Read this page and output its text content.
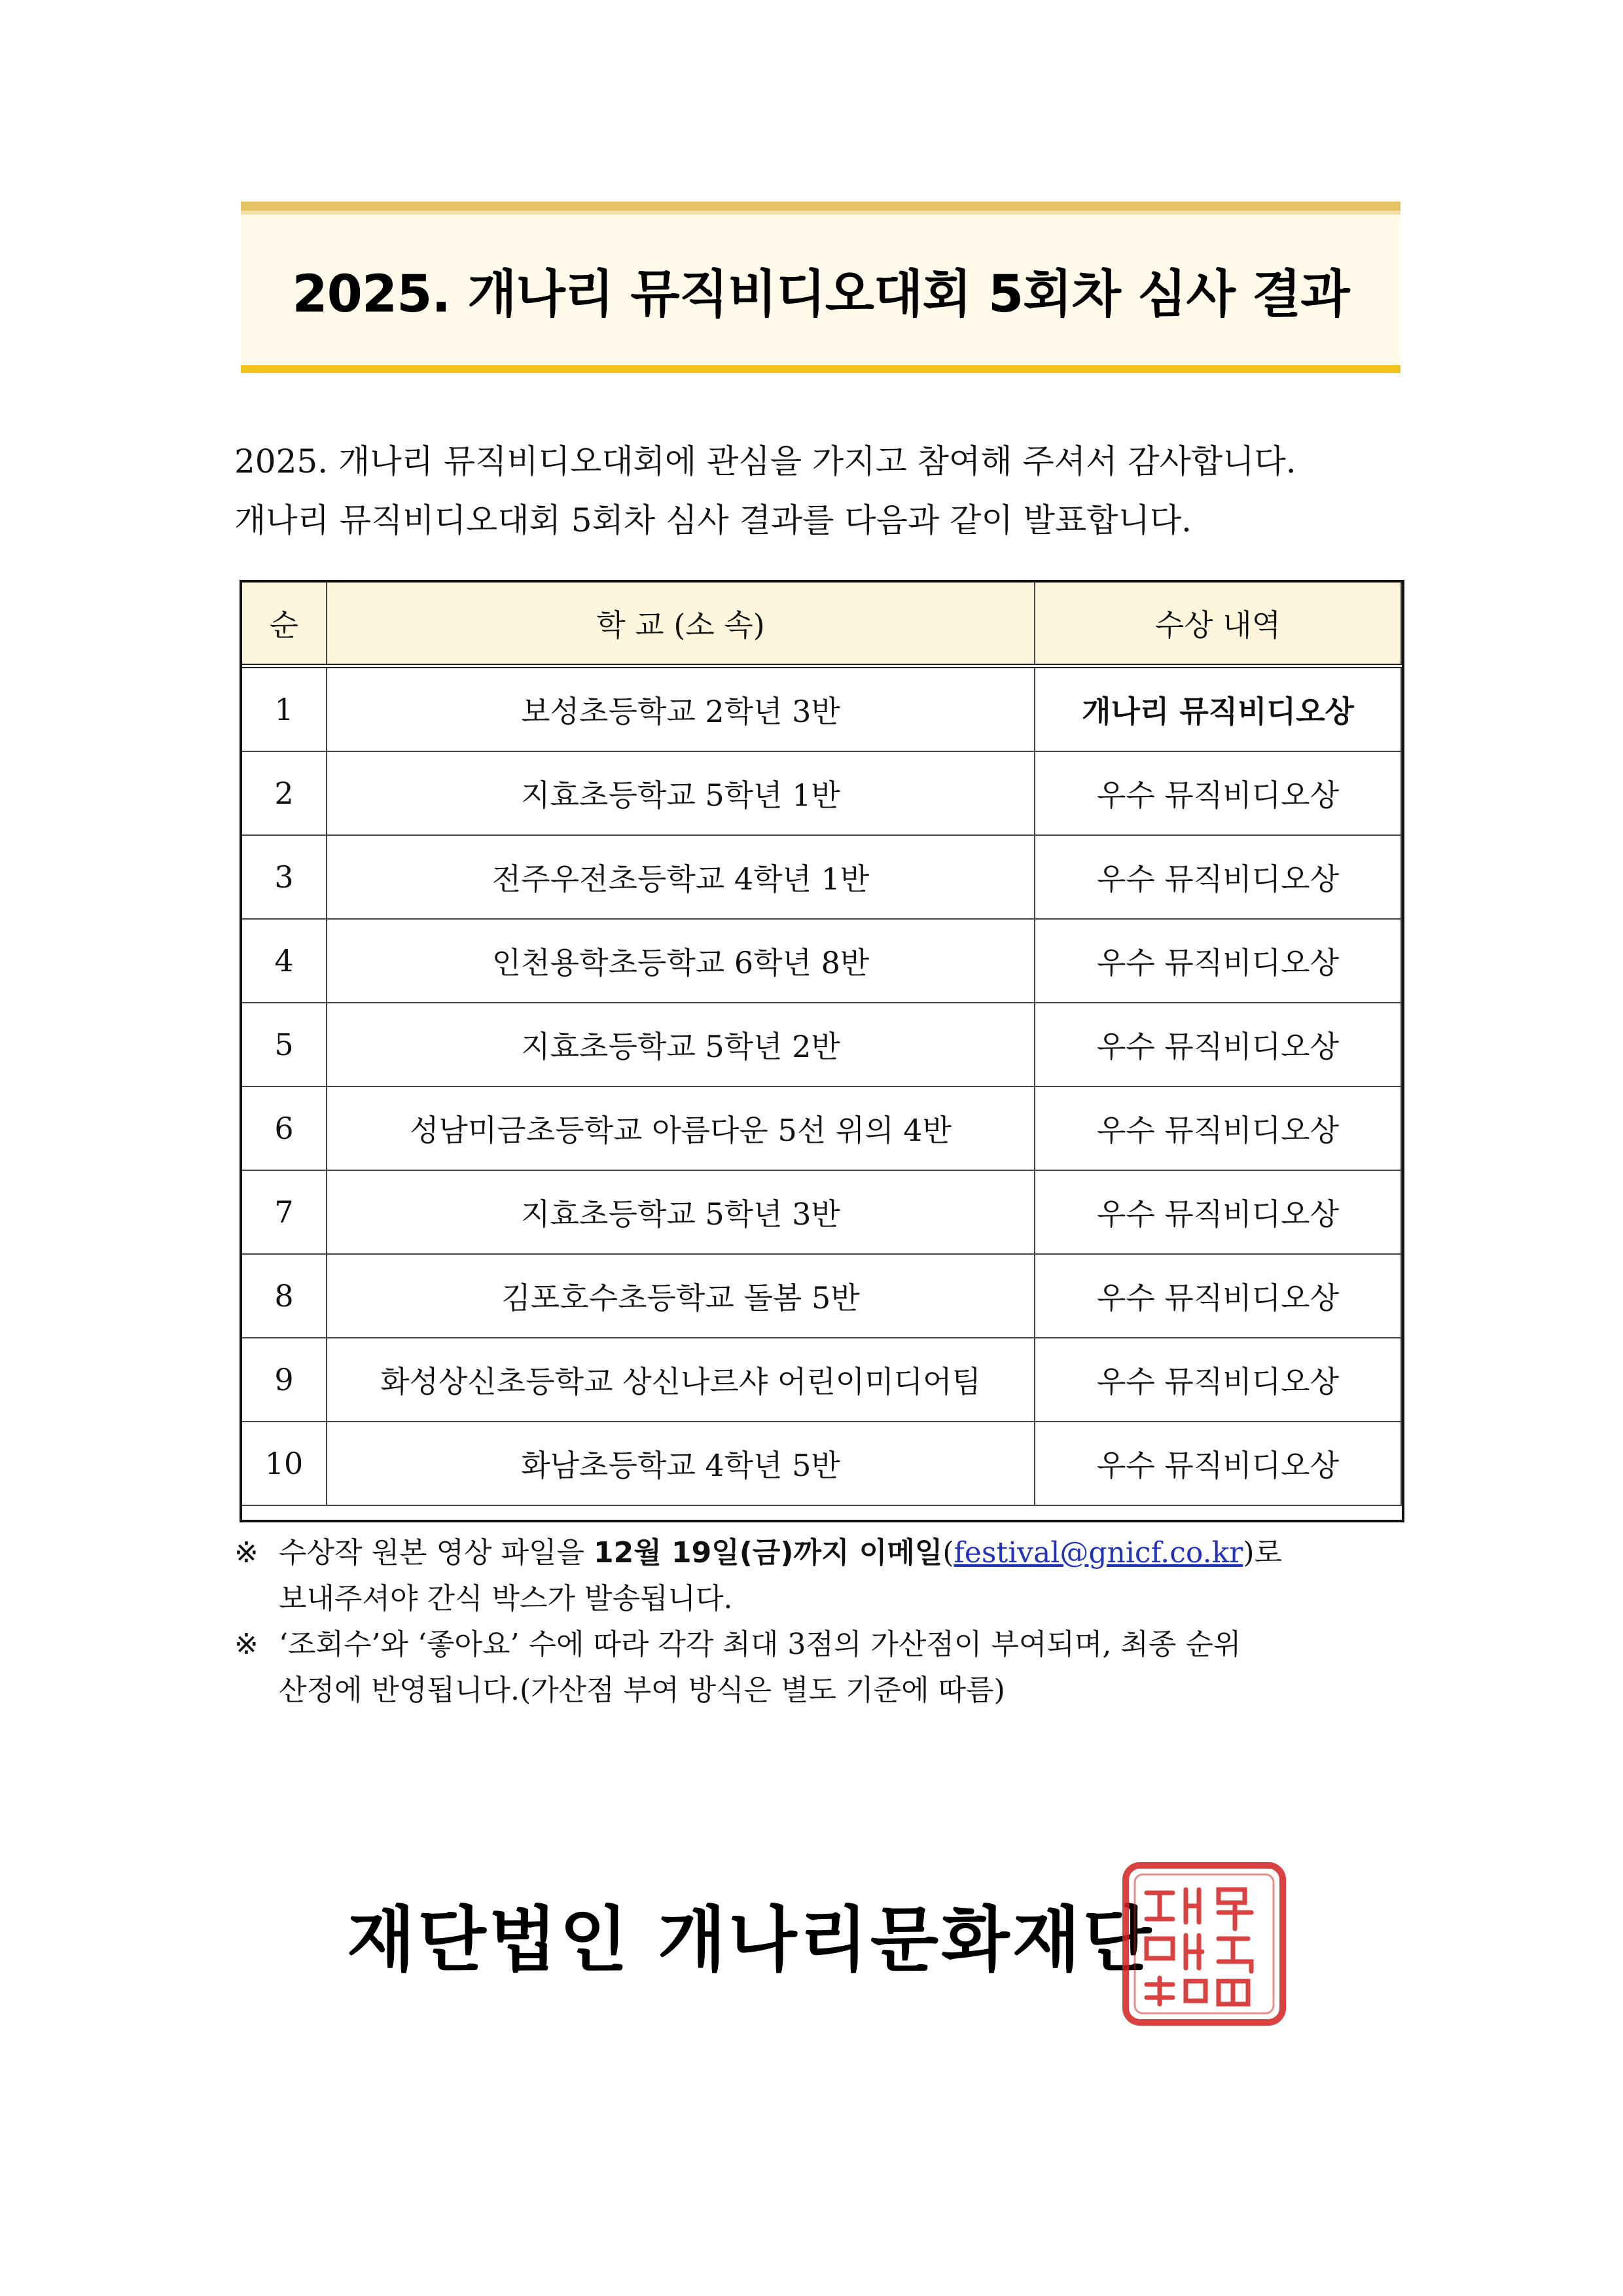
2025. 개나리 뮤직비디오대회 5회차 심사 결과
2025. 개나리 뮤직비디오대회에 관심을 가지고 참여해 주셔서 감사합니다.
개나리 뮤직비디오대회 5회차 심사 결과를 다음과 같이 발표합니다.
순	학 교 (소 속)	수상 내역
1	보성초등학교 2학년 3반	개나리 뮤직비디오상
2	지효초등학교 5학년 1반	우수 뮤직비디오상
3	전주우전초등학교 4학년 1반	우수 뮤직비디오상
4	인천용학초등학교 6학년 8반	우수 뮤직비디오상
5	지효초등학교 5학년 2반	우수 뮤직비디오상
6	성남미금초등학교 아름다운 5선 위의 4반	우수 뮤직비디오상
7	지효초등학교 5학년 3반	우수 뮤직비디오상
8	김포호수초등학교 돌봄 5반	우수 뮤직비디오상
9	화성상신초등학교 상신나르샤 어린이미디어팀	우수 뮤직비디오상
10	화남초등학교 4학년 5반	우수 뮤직비디오상
※ 수상작 원본 영상 파일을 12월 19일(금)까지 이메일(festival@gnicf.co.kr)로
보내주셔야 간식 박스가 발송됩니다.
※ ‘조회수’와 ‘좋아요’ 수에 따라 각각 최대 3점의 가산점이 부여되며, 최종 순위
산정에 반영됩니다.(가산점 부여 방식은 별도 기준에 따름)
재단법인 개나리문화재단
